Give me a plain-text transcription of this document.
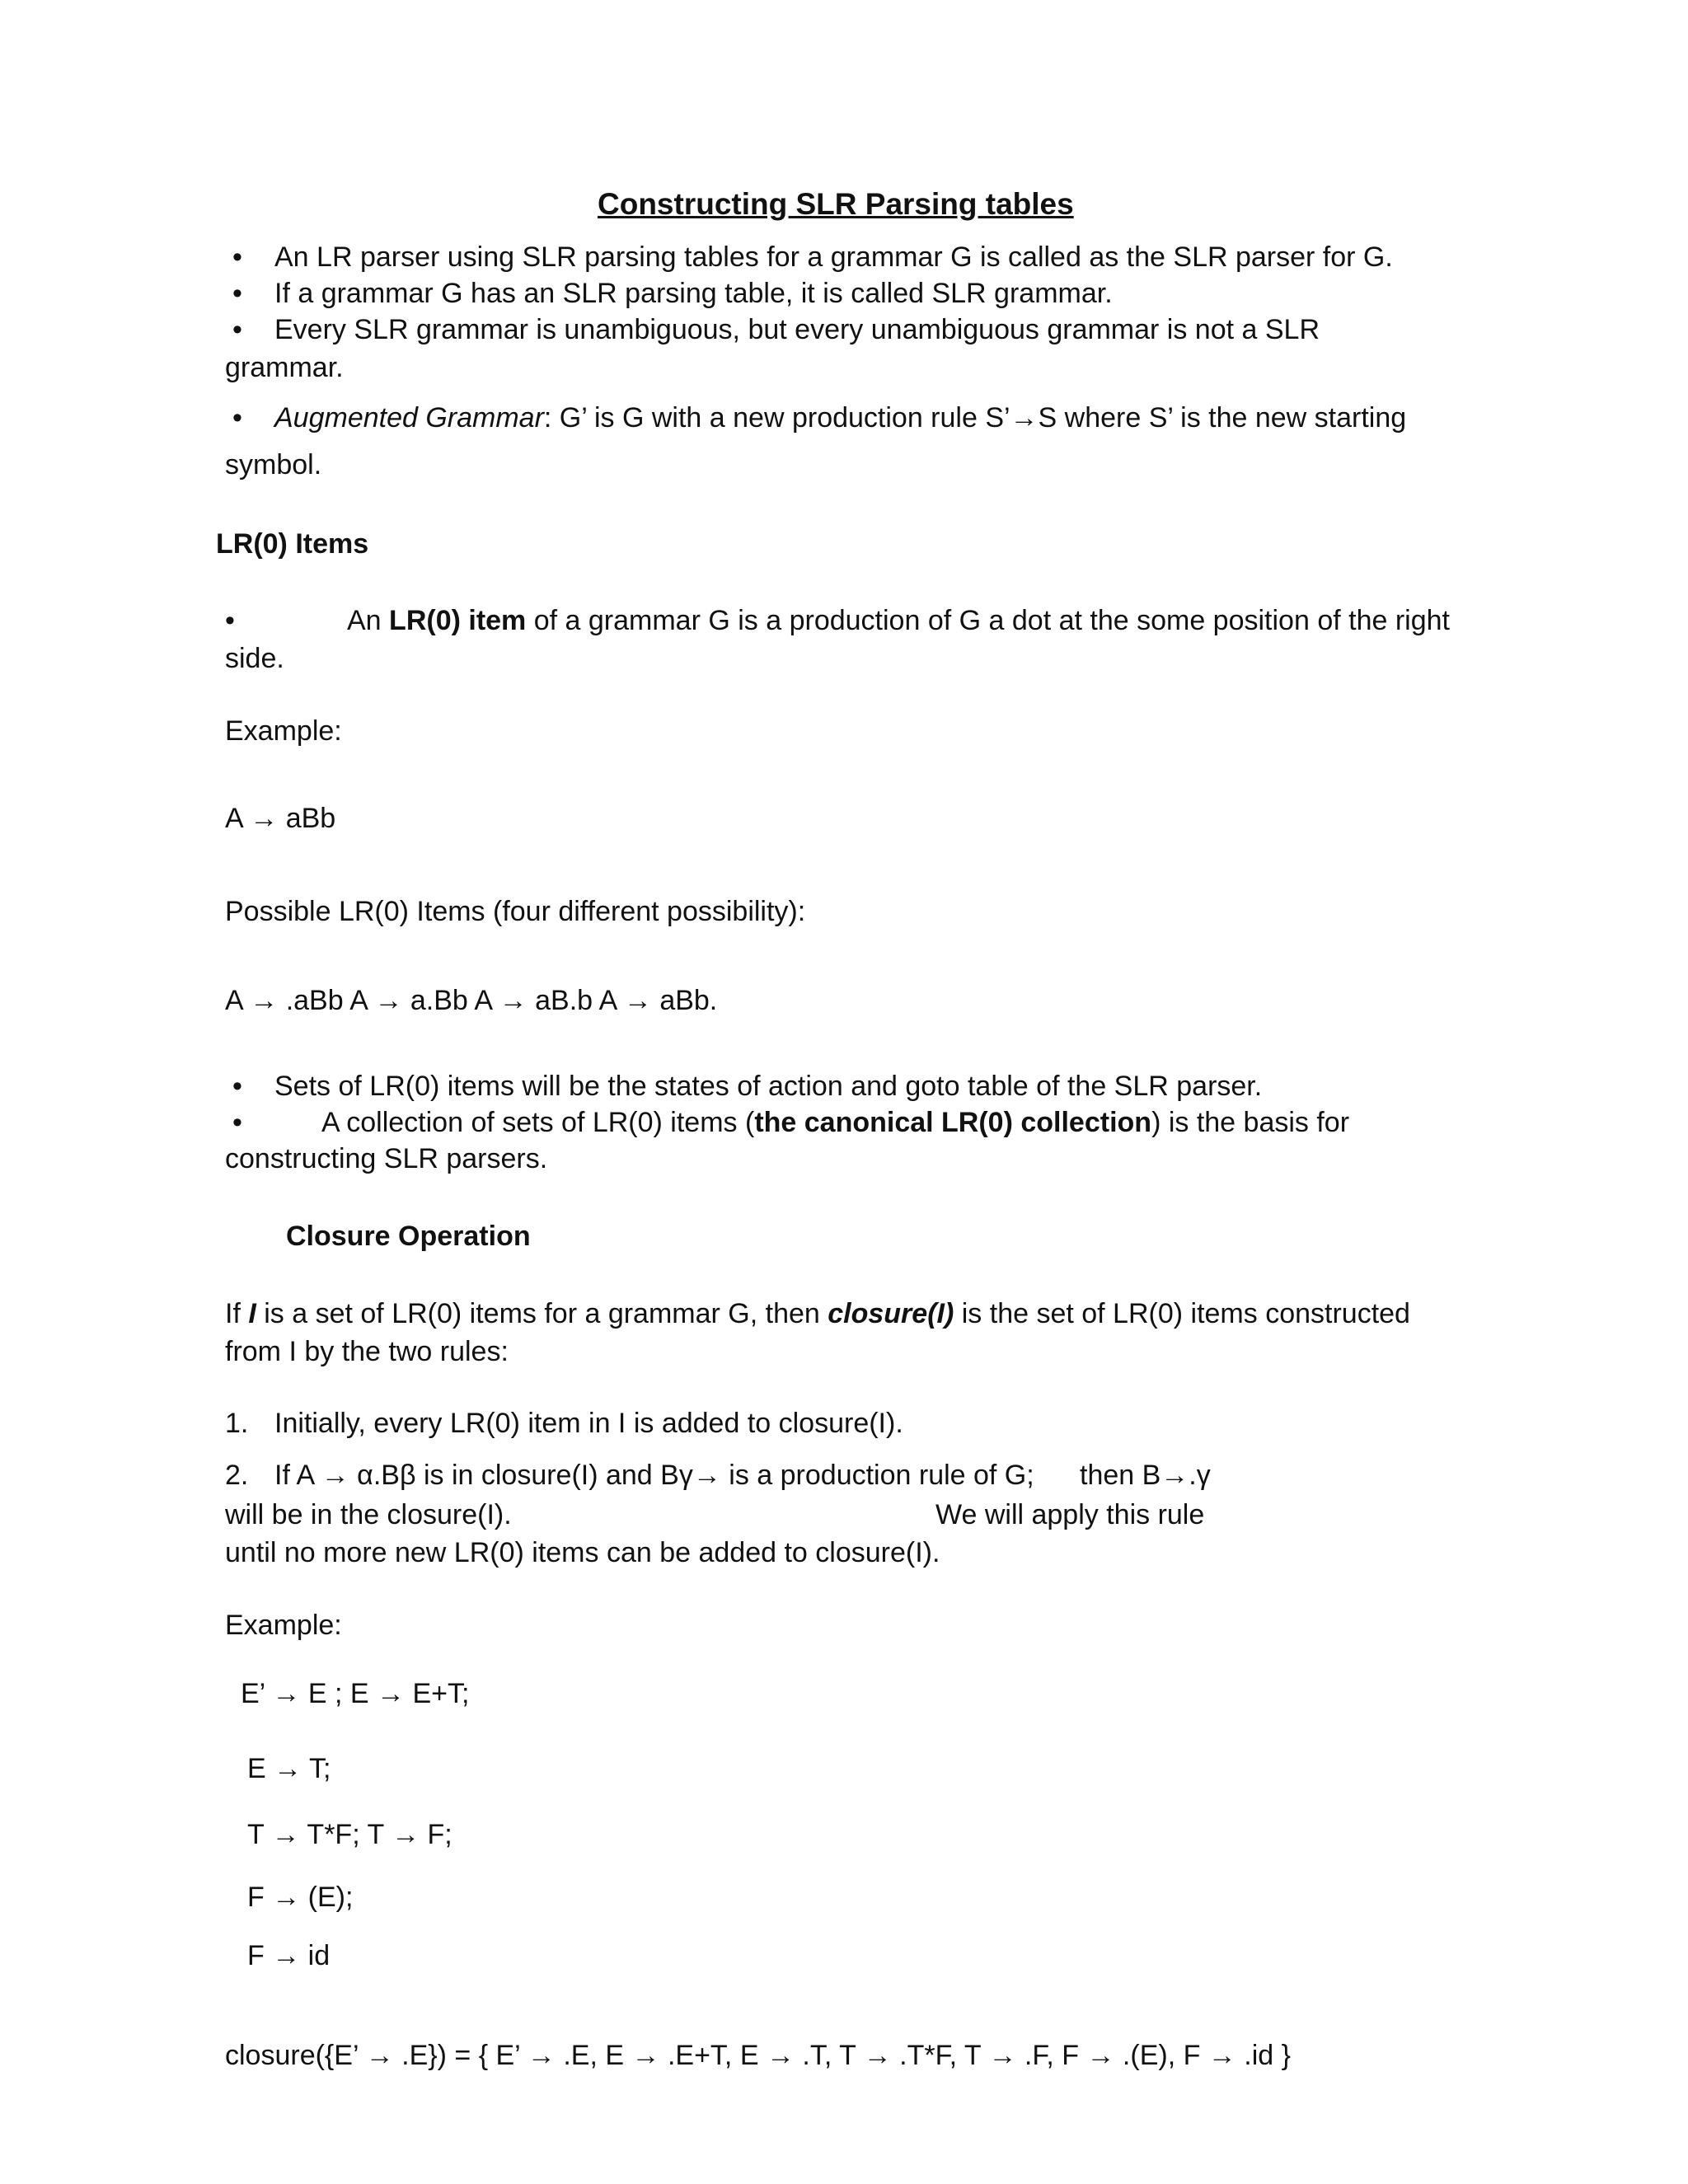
Constructing SLR Parsing tables
• An LR parser using SLR parsing tables for a grammar G is called as the SLR parser for G.
• If a grammar G has an SLR parsing table, it is called SLR grammar.
• Every SLR grammar is unambiguous, but every unambiguous grammar is not a SLR
grammar.
• Augmented Grammar: G’ is G with a new production rule S’→S where S’ is the new starting
symbol.
LR(0) Items
•	An LR(0) item of a grammar G is a production of G a dot at the some position of the right
side.
Example:
A → aBb
Possible LR(0) Items (four different possibility):
A → .aBb A → a.Bb A → aB.b A → aBb.
• Sets of LR(0) items will be the states of action and goto table of the SLR parser.
•	A collection of sets of LR(0) items (the canonical LR(0) collection) is the basis for
constructing SLR parsers.
Closure Operation
If I is a set of LR(0) items for a grammar G, then closure(I) is the set of LR(0) items constructed
from I by the two rules:
1. Initially, every LR(0) item in I is added to closure(I).
2. If A → α.Bβ is in closure(I) and Bγ→ is a production rule of G; then B→.γ
will be in the closure(I).	We will apply this rule
until no more new LR(0) items can be added to closure(I).
Example:
E’ → E ; E → E+T;
E → T;
T → T*F; T → F;
F → (E);
F → id
closure({E’ → .E}) = { E’ → .E, E → .E+T, E → .T, T → .T*F, T → .F, F → .(E), F → .id }
